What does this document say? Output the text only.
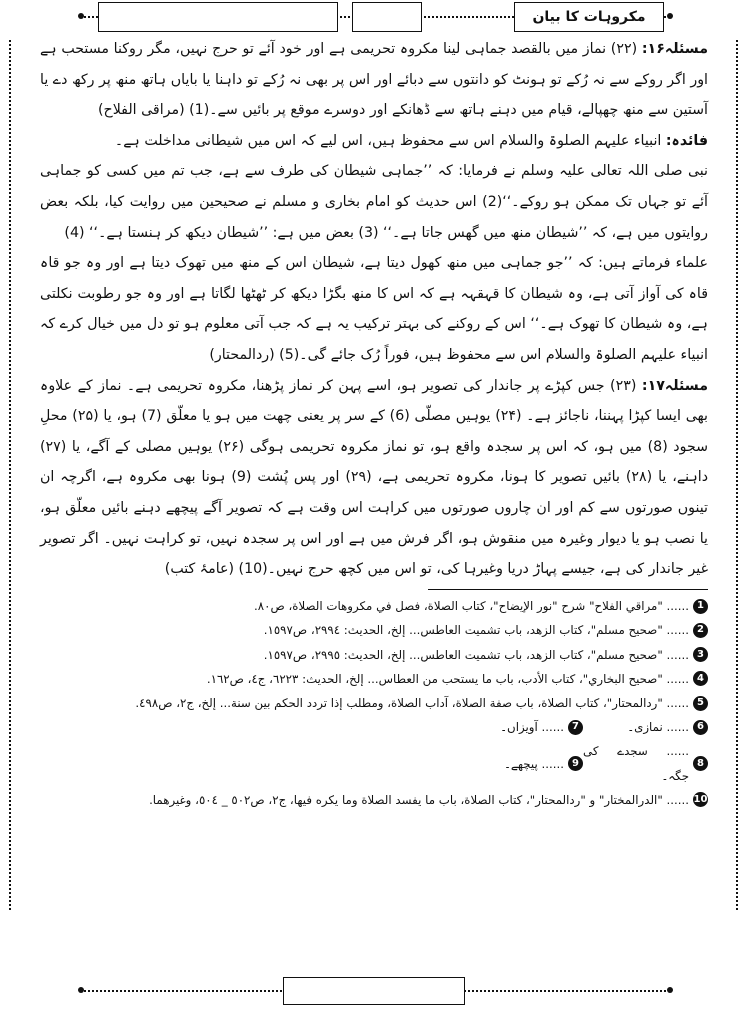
مکروہات کا بیان

مسئلہ۱۶: (۲۲) نماز میں بالقصد جماہی لینا مکروہ تحریمی ہے اور خود آئے تو حرج نہیں، مگر روکنا مستحب ہے اور اگر روکے سے نہ رُکے تو ہونٹ کو دانتوں سے دبائے اور اس پر بھی نہ رُکے تو داہنا یا بایاں ہاتھ منھ پر رکھ دے یا آستین سے منھ چھپالے، قیام میں دہنے ہاتھ سے ڈھانکے اور دوسرے موقع پر بائیں سے۔(1) (مراقی الفلاح)

فائدہ: انبیاء علیہم الصلوۃ والسلام اس سے محفوظ ہیں، اس لیے کہ اس میں شیطانی مداخلت ہے۔

نبی صلی اللہ تعالی علیہ وسلم نے فرمایا: کہ ’’جماہی شیطان کی طرف سے ہے، جب تم میں کسی کو جماہی آئے تو جہاں تک ممکن ہو روکے۔‘‘(2) اس حدیث کو امام بخاری و مسلم نے صحیحین میں روایت کیا، بلکہ بعض روایتوں میں ہے، کہ ’’شیطان منھ میں گھس جاتا ہے۔‘‘ (3) بعض میں ہے: ’’شیطان دیکھ کر ہنستا ہے۔‘‘ (4)

علماء فرماتے ہیں: کہ ’’جو جماہی میں منھ کھول دیتا ہے، شیطان اس کے منھ میں تھوک دیتا ہے اور وہ جو قاہ قاہ کی آواز آتی ہے، وہ شیطان کا قہقہہ ہے کہ اس کا منھ بگڑا دیکھ کر ٹھٹھا لگاتا ہے اور وہ جو رطوبت نکلتی ہے، وہ شیطان کا تھوک ہے۔‘‘ اس کے روکنے کی بہتر ترکیب یہ ہے کہ جب آتی معلوم ہو تو دل میں خیال کرے کہ انبیاء علیہم الصلوۃ والسلام اس سے محفوظ ہیں، فوراً رُک جائے گی۔(5) (ردالمحتار)

مسئلہ۱۷: (۲۳) جس کپڑے پر جاندار کی تصویر ہو، اسے پہن کر نماز پڑھنا، مکروہ تحریمی ہے۔ نماز کے علاوہ بھی ایسا کپڑا پہننا، ناجائز ہے۔ (۲۴) یوہیں مصلّی (6) کے سر پر یعنی چھت میں ہو یا معلّق (7) ہو، یا (۲۵) محلِ سجود (8) میں ہو، کہ اس پر سجدہ واقع ہو، تو نماز مکروہ تحریمی ہوگی (۲۶) یوہیں مصلی کے آگے، یا (۲۷) داہنے، یا (۲۸) بائیں تصویر کا ہونا، مکروہ تحریمی ہے، (۲۹) اور پس پُشت (9) ہونا بھی مکروہ ہے، اگرچہ ان تینوں صورتوں سے کم اور ان چاروں صورتوں میں کراہت اس وقت ہے کہ تصویر آگے پیچھے دہنے بائیں معلّق ہو، یا نصب ہو یا دیوار وغیرہ میں منقوش ہو، اگر فرش میں ہے اور اس پر سجدہ نہیں، تو کراہت نہیں۔ اگر تصویر غیر جاندار کی ہے، جیسے پہاڑ دریا وغیرہا کی، تو اس میں کچھ حرج نہیں۔(10) (عامۂ کتب)

1
...... "مراقي الفلاح" شرح "نور الإيضاح"، كتاب الصلاة، فصل في مكروهات الصلاة، ص٨٠.
2
...... "صحيح مسلم"، كتاب الزهد، باب تشميت العاطس... إلخ، الحديث: ٢٩٩٤، ص١٥٩٧.
3
...... "صحيح مسلم"، كتاب الزهد، باب تشميت العاطس... إلخ، الحديث: ٢٩٩٥، ص١٥٩٧.
4
...... "صحيح البخاري"، كتاب الأدب، باب ما يستحب من العطاس... إلخ، الحديث: ٦٢٢٣، ج٤، ص١٦٢.
5
...... "ردالمحتار"، كتاب الصلاة، باب صفة الصلاة، آداب الصلاة، ومطلب إذا تردد الحكم بين سنة... إلخ، ج٢، ص٤٩٨.
6
...... نمازی۔
7
...... آویزاں۔
8
...... سجدے کی جگہ۔
9
...... پیچھے۔
10
...... "الدرالمختار" و "ردالمحتار"، كتاب الصلاة، باب ما يفسد الصلاة وما يكره فيها، ج٢، ص٥٠٢ _ ٥٠٤، وغيرهما.
